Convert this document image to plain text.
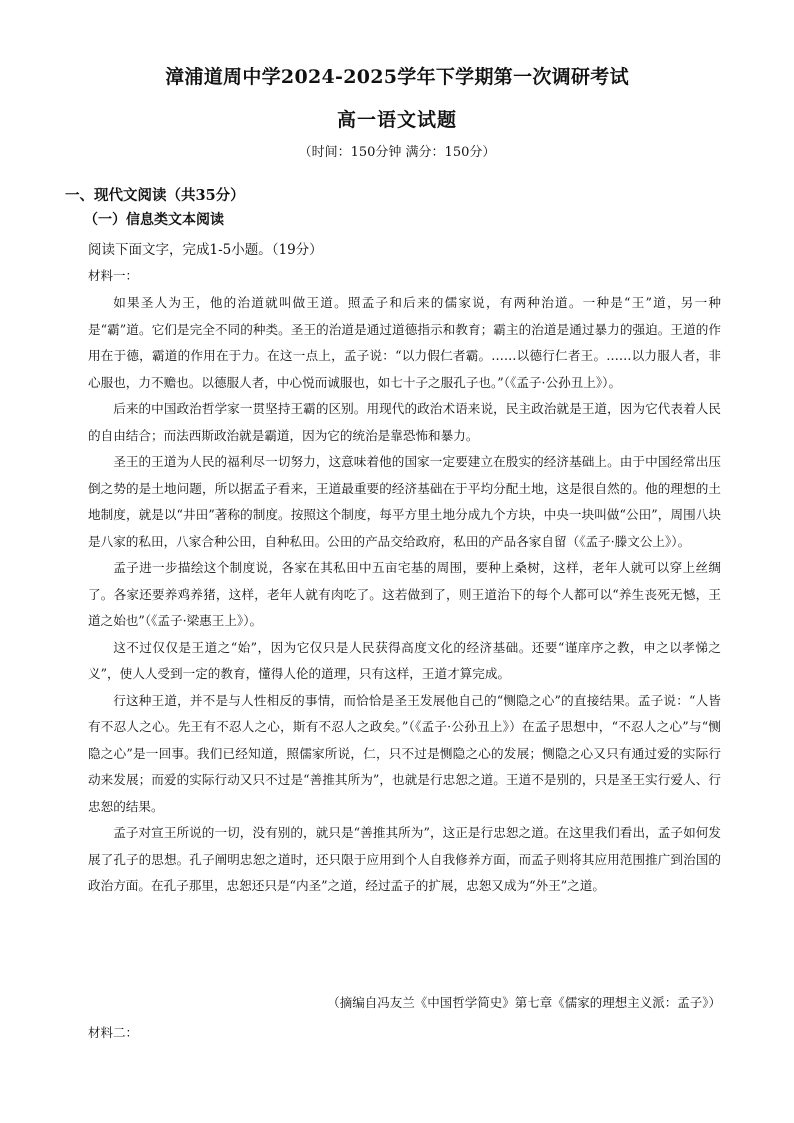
漳浦道周中学2024-2025学年下学期第一次调研考试
高一语文试题
（时间：150分钟 满分：150分）
一、现代文阅读（共35分）
（一）信息类文本阅读
阅读下面文字，完成1-5小题。（19分）
材料一：

如果圣人为王，他的治道就叫做王道。照孟子和后来的儒家说，有两种治道。一种是“王”道，另一种是“霸”道。它们是完全不同的种类。圣王的治道是通过道德指示和教育；霸主的治道是通过暴力的强迫。王道的作用在于德，霸道的作用在于力。在这一点上，孟子说：“以力假仁者霸。……以德行仁者王。……以力服人者，非心服也，力不赡也。以德服人者，中心悦而诚服也，如七十子之服孔子也。”（《孟子·公孙丑上》）。

后来的中国政治哲学家一贯坚持王霸的区别。用现代的政治术语来说，民主政治就是王道，因为它代表着人民的自由结合；而法西斯政治就是霸道，因为它的统治是靠恐怖和暴力。

圣王的王道为人民的福利尽一切努力，这意味着他的国家一定要建立在殷实的经济基础上。由于中国经常出压倒之势的是土地问题，所以据孟子看来，王道最重要的经济基础在于平均分配土地，这是很自然的。他的理想的土地制度，就是以“井田”著称的制度。按照这个制度，每平方里土地分成九个方块，中央一块叫做“公田”，周围八块是八家的私田，八家合种公田，自种私田。公田的产品交给政府，私田的产品各家自留（《孟子·滕文公上》）。

孟子进一步描绘这个制度说，各家在其私田中五亩宅基的周围，要种上桑树，这样，老年人就可以穿上丝绸了。各家还要养鸡养猪，这样，老年人就有肉吃了。这若做到了，则王道治下的每个人都可以“养生丧死无憾，王道之始也”（《孟子·梁惠王上》）。

这不过仅仅是王道之“始”，因为它仅只是人民获得高度文化的经济基础。还要“谨庠序之教，申之以孝悌之义”，使人人受到一定的教育，懂得人伦的道理，只有这样，王道才算完成。

行这种王道，并不是与人性相反的事情，而恰恰是圣王发展他自己的“恻隐之心”的直接结果。孟子说：“人皆有不忍人之心。先王有不忍人之心，斯有不忍人之政矣。”（《孟子·公孙丑上》）在孟子思想中，“不忍人之心”与“恻隐之心”是一回事。我们已经知道，照儒家所说，仁，只不过是恻隐之心的发展；恻隐之心又只有通过爱的实际行动来发展；而爱的实际行动又只不过是“善推其所为”，也就是行忠恕之道。王道不是别的，只是圣王实行爱人、行忠恕的结果。

孟子对宣王所说的一切，没有别的，就只是“善推其所为”，这正是行忠恕之道。在这里我们看出，孟子如何发展了孔子的思想。孔子阐明忠恕之道时，还只限于应用到个人自我修养方面，而孟子则将其应用范围推广到治国的政治方面。在孔子那里，忠恕还只是“内圣”之道，经过孟子的扩展，忠恕又成为“外王”之道。

（摘编自冯友兰《中国哲学简史》第七章《儒家的理想主义派：孟子》）
材料二：
